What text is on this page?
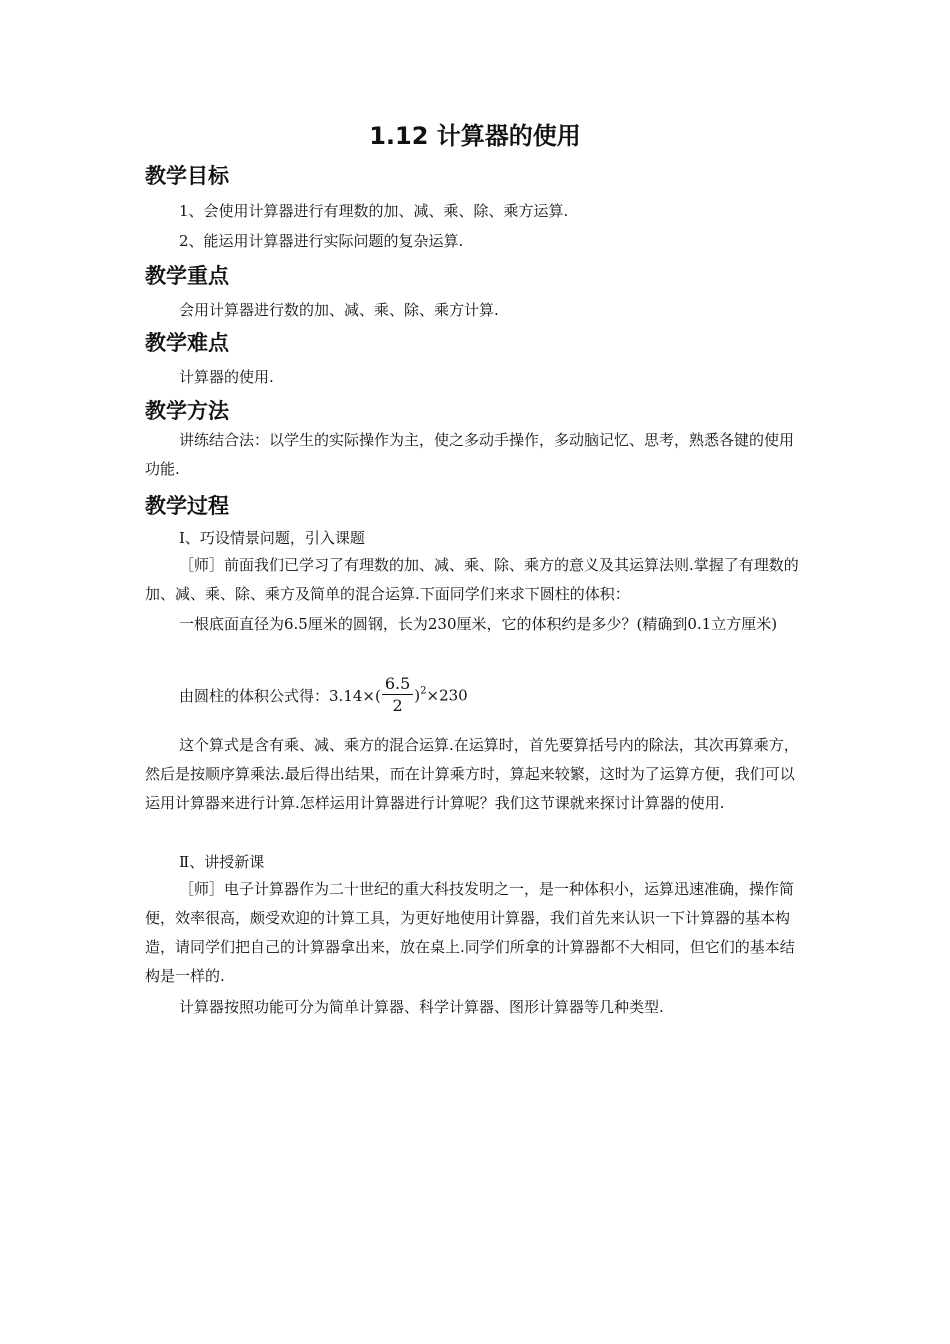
1.12 计算器的使用
教学目标
1、会使用计算器进行有理数的加、减、乘、除、乘方运算.
2、能运用计算器进行实际问题的复杂运算.
教学重点
会用计算器进行数的加、减、乘、除、乘方计算.
教学难点
计算器的使用.
教学方法
讲练结合法：以学生的实际操作为主，使之多动手操作，多动脑记忆、思考，熟悉各键的使用功能.
教学过程
Ⅰ、巧设情景问题，引入课题
［师］前面我们已学习了有理数的加、减、乘、除、乘方的意义及其运算法则.掌握了有理数的加、减、乘、除、乘方及简单的混合运算.下面同学们来求下圆柱的体积：
一根底面直径为6.5厘米的圆钢，长为230厘米，它的体积约是多少？(精确到0.1立方厘米)
由圆柱的体积公式得：$3.14\times( \frac{6.5}{2} )^2\times 230$
这个算式是含有乘、减、乘方的混合运算.在运算时，首先要算括号内的除法，其次再算乘方，然后是按顺序算乘法.最后得出结果，而在计算乘方时，算起来较繁，这时为了运算方便，我们可以运用计算器来进行计算.怎样运用计算器进行计算呢？我们这节课就来探讨计算器的使用.
Ⅱ、讲授新课
［师］电子计算器作为二十世纪的重大科技发明之一，是一种体积小，运算迅速准确，操作简便，效率很高，颇受欢迎的计算工具，为更好地使用计算器，我们首先来认识一下计算器的基本构造，请同学们把自己的计算器拿出来，放在桌上.同学们所拿的计算器都不大相同，但它们的基本结构是一样的.
计算器按照功能可分为简单计算器、科学计算器、图形计算器等几种类型.
